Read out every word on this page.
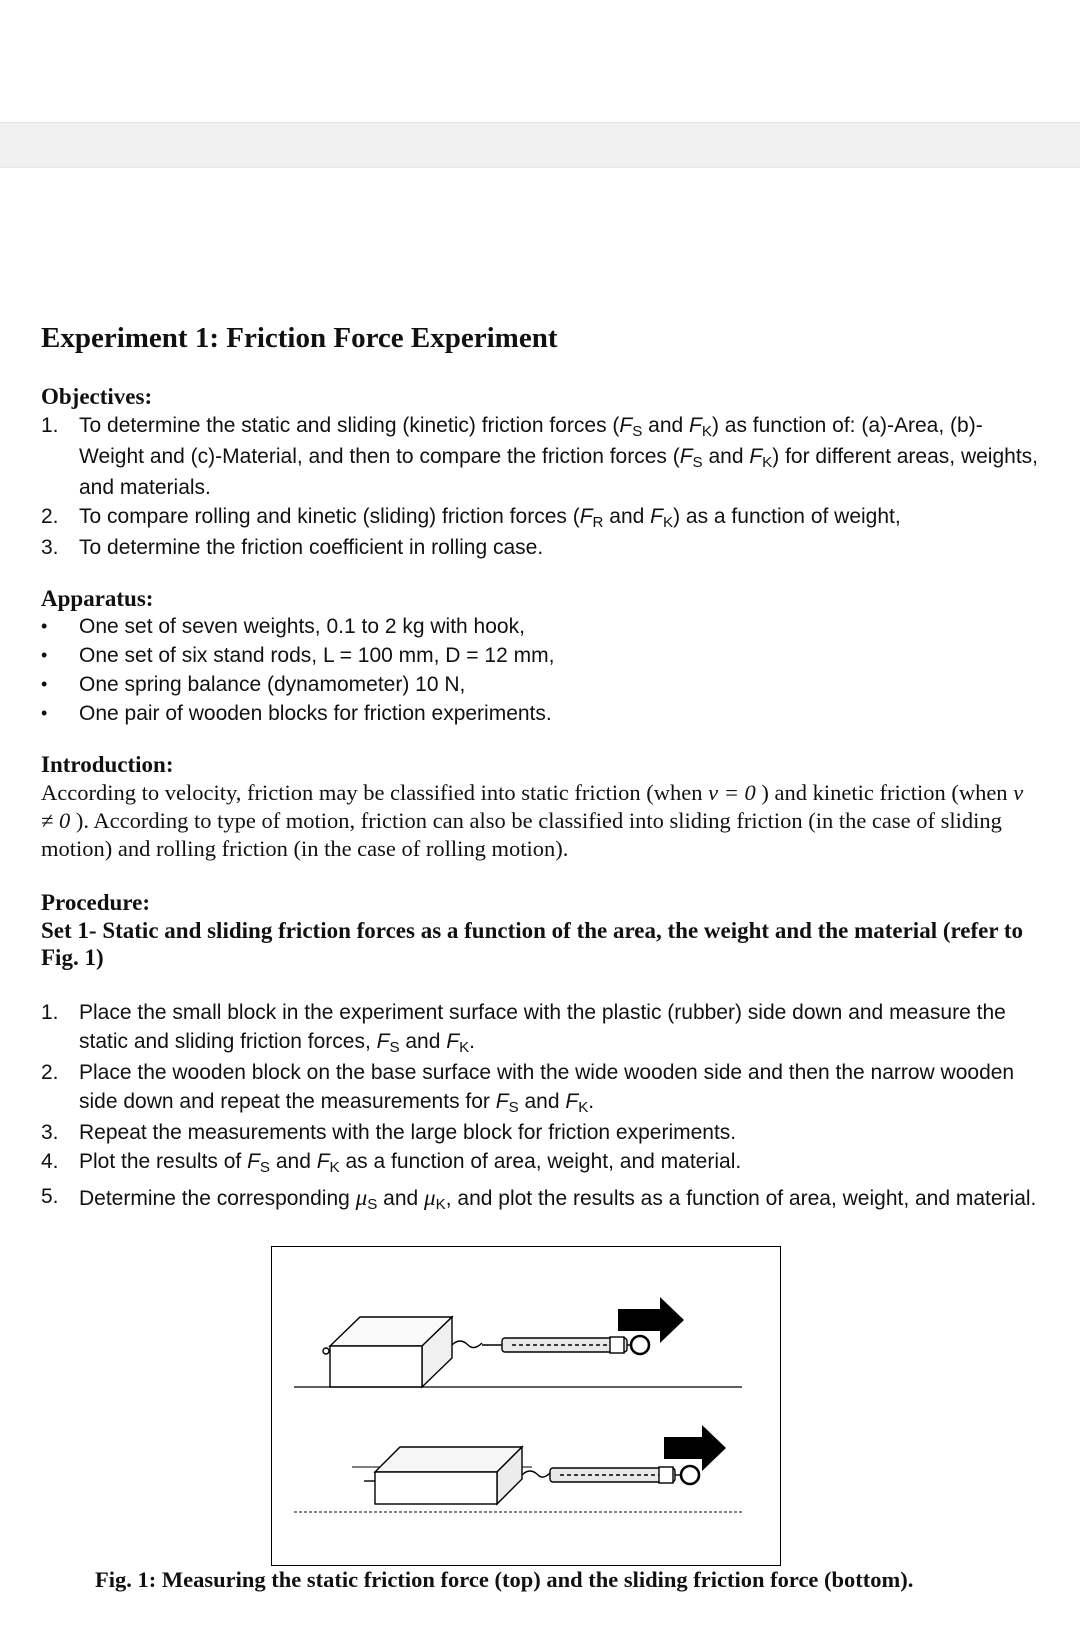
Experiment 1: Friction Force Experiment
Objectives:
1. To determine the static and sliding (kinetic) friction forces (FS and FK) as function of: (a)-Area, (b)-Weight and (c)-Material, and then to compare the friction forces (FS and FK) for different areas, weights, and materials.
2. To compare rolling and kinetic (sliding) friction forces (FR and FK) as a function of weight,
3. To determine the friction coefficient in rolling case.
Apparatus:
•	One set of seven weights, 0.1 to 2 kg with hook,
•	One set of six stand rods, L = 100 mm, D = 12 mm,
•	One spring balance (dynamometer) 10 N,
•	One pair of wooden blocks for friction experiments.
Introduction:
According to velocity, friction may be classified into static friction (when v = 0 ) and kinetic friction (when v ≠ 0 ). According to type of motion, friction can also be classified into sliding friction (in the case of sliding motion) and rolling friction (in the case of rolling motion).
Procedure:
Set 1- Static and sliding friction forces as a function of the area, the weight and the material (refer to Fig. 1)
1. Place the small block in the experiment surface with the plastic (rubber) side down and measure the static and sliding friction forces, FS and FK.
2. Place the wooden block on the base surface with the wide wooden side and then the narrow wooden side down and repeat the measurements for FS and FK.
3. Repeat the measurements with the large block for friction experiments.
4. Plot the results of FS and FK as a function of area, weight, and material.
5. Determine the corresponding μS and μK, and plot the results as a function of area, weight, and material.
Fig. 1: Measuring the static friction force (top) and the sliding friction force (bottom).
